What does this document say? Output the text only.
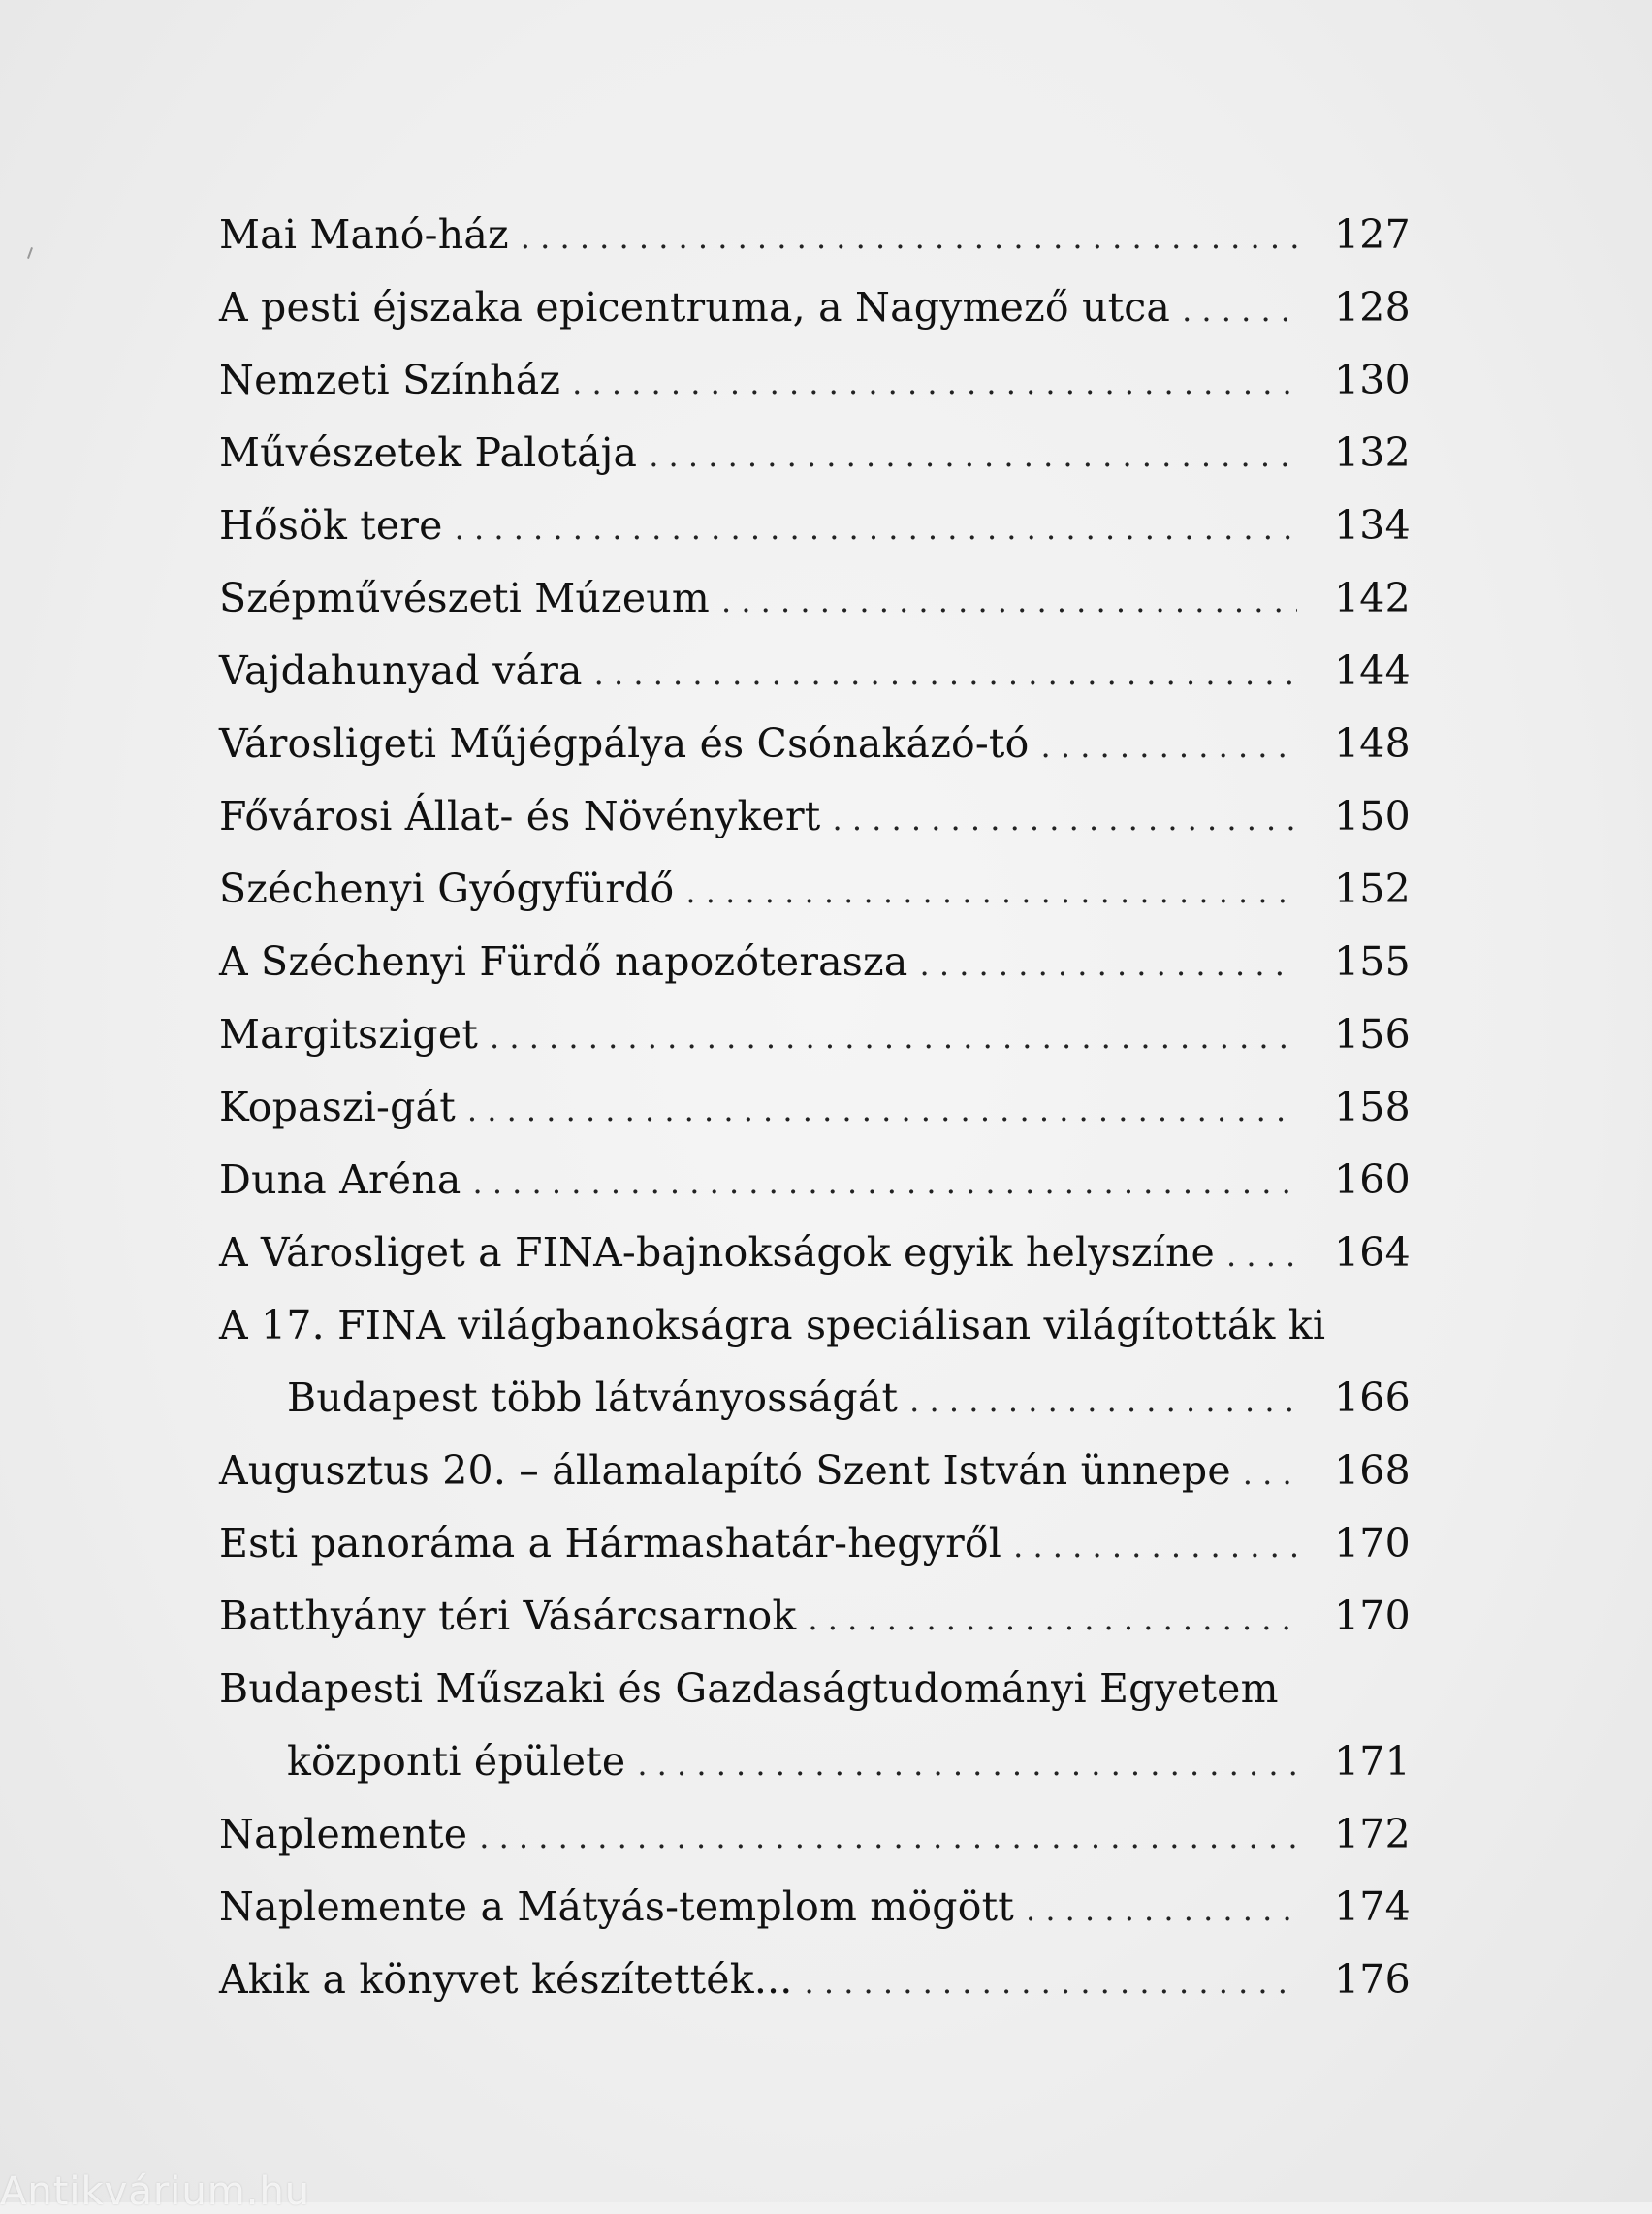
Mai Manó-ház . . .	127
A pesti éjszaka epicentruma, a Nagymező utca . . .	128
Nemzeti Színház . . .	130
Művészetek Palotája . . .	132
Hősök tere . . .	134
Szépművészeti Múzeum . . .	142
Vajdahunyad vára . . .	144
Városligeti Műjégpálya és Csónakázó-tó . . .	148
Fővárosi Állat- és Növénykert . . .	150
Széchenyi Gyógyfürdő . . .	152
A Széchenyi Fürdő napozóterasza . . .	155
Margitsziget . . .	156
Kopaszi-gát . . .	158
Duna Aréna . . .	160
A Városliget a FINA-bajnokságok egyik helyszíne . . .	164
A 17. FINA világbanokságra speciálisan világították ki
Budapest több látványosságát . . .	166
Augusztus 20. – államalapító Szent István ünnepe . . .	168
Esti panoráma a Hármashatár-hegyről . . .	170
Batthyány téri Vásárcsarnok . . .	170
Budapesti Műszaki és Gazdaságtudományi Egyetem
központi épülete . . .	171
Naplemente . . .	172
Naplemente a Mátyás-templom mögött . . .	174
Akik a könyvet készítették... . . .	176
Antikvárium.hu
